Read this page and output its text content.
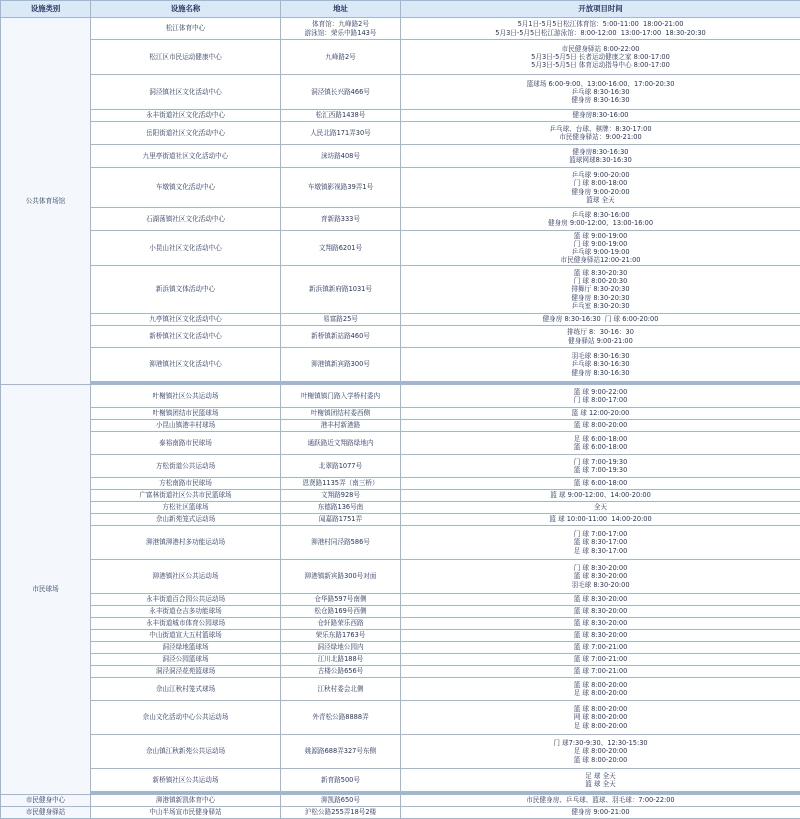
设施类别	设施名称	地址	开放项目时间
公共体育场馆	松江体育中心	体育馆：九峰路2号
游泳馆：荣乐中路143号	5月1日-5月5日松江体育馆：5:00-11:00  18:00-21:00
5月3日-5月5日松江游泳馆：8:00-12:00  13:00-17:00  18:30-20:30
	松江区市民运动健康中心	九峰路2号	市民健身驿站 8:00-22:00
5月3日-5月5日 长者运动健康之家 8:00-17:00
5月3日-5月5日 体育运动指导中心 8:00-17:00
	洞泾镇社区文化活动中心	洞泾镇长兴路466号	篮球场 6:00-9:00、13:00-16:00、17:00-20:30
乒乓球 8:30-16:30
健身房 8:30-16:30
	永丰街道社区文化活动中心	松汇西路1438号	健身房8:30-16:00
	岳阳街道社区文化活动中心	人民北路171弄30号	乒乓球、台球、棋牌：8:30-17:00
市民健身驿站：9:00-21:00
	九里亭街道社区文化活动中心	涞坊路408号	健身房8:30-16:30
篮球网球8:30-16:30
	车墩镇文化活动中心	车墩镇影视路39弄1号	乒乓球 9:00-20:00
门 球 8:00-18:00
健身房 9:00-20:00
篮球 全天
	石湖荡镇社区文化活动中心	育新路333号	乒乓球 8:30-16:00
健身房 9:00-12:00、13:00-16:00
	小昆山社区文化活动中心	文翔路6201号	篮 球 9:00-19:00
门 球 9:00-19:00
乒乓球 9:00-19:00
市民健身驿站12:00-21:00
	新浜镇文体活动中心	新浜镇新府路1031号	篮 球 8:30-20:30
门 球 8:00-20:30
排舞厅 8:30-20:30
健身房 8:30-20:30
乒乓室 8:30-20:30
	九亭镇社区文化活动中心	易富路25号	健身房 8:30-16:30  门 球 6:00-20:00
	新桥镇社区文化活动中心	新桥镇新站路460号	排练厅 8：30-16：30
健身驿站 9:00-21:00
	泖港镇社区文化活动中心	泖港镇新宾路300号	羽毛球 8:30-16:30
乒乓球 8:30-16:30
健身房 8:30-16:30

市民球场	叶榭镇社区公共运动场	叶榭镇镇门路入学桥村委内	篮 球 9:00-22:00
门 球 8:00-17:00
	叶榭镇团结市民篮球场	叶榭镇团结村委西侧	篮 球 12:00-20:00
	小昆山镇港丰村球场	港丰村新港路	篮 球 8:00-20:00
	泰裕南路市民球场	通跃路近文翔路绿地内	足 球 6:00-18:00
篮 球 6:00-18:00
	方松街道公共运动场	北翠路1077号	门 球 7:00-19:30
篮 球 7:00-19:30
	方松南路市民球场	恩贤路1135弄（南三桥）	篮 球 6:00-18:00
	广富林街道社区公共市民篮球场	文翔路928号	篮 球 9:00-12:00、14:00-20:00
	方松社区篮球场	东德路136号南	全天
	佘山新苑笼式运动场	闻嘉路1751弄	篮 球 10:00-11:00  14:00-20:00
	泖港镇泖港村多功能运动场	泖港村同泾路586号	门 球 7:00-17:00
篮 球 8:30-17:00
足 球 8:30-17:00
	泖港镇社区公共运动场	泖港镇新宾路300号对面	门 球 8:30-20:00
篮 球 8:30-20:00
羽毛球 8:30-20:00
	永丰街道百合园公共运动场	仓华路597号南侧	篮 球 8:30-20:00
	永丰街道仓吉多功能球场	松仓路169号西侧	篮 球 8:30-20:00
	永丰街道城市体育公园球场	仓轩路荣乐西路	篮 球 8:30-20:00
	中山街道宣大五村篮球场	荣乐东路1763号	篮 球 8:30-20:00
	洞泾绿地篮球场	洞泾绿地公园内	篮 球 7:00-21:00
	洞泾公园篮球场	江川北路188号	篮 球 7:00-21:00
	洞泾洞泾花苑篮球场	古楼公路656号	篮 球 7:00-21:00
	佘山江秋村笼式球场	江秋村委会北侧	篮 球 8:00-20:00
足 球 8:00-20:00
	佘山文化活动中心公共运动场	外青松公路8888弄	篮 球 8:00-20:00
网 球 8:00-20:00
足 球 8:00-20:00
	佘山镇江秋新苑公共运动场	姚源路688弄327号东侧	门 球7:30-9:30、12:30-15:30
足 球 8:00-20:00
篮 球 8:00-20:00
	新桥镇社区公共运动场	新育路500号	足 球 全天
篮 球 全天

市民健身中心	泖港镇新凯体育中心	泖凯路650号	市民健身房、乒乓球、篮球、羽毛球：7:00-22:00
市民健身驿站	中山半场宣市民健身驿站	沪松公路255弄18号2楼	健身房 9:00-21:00
